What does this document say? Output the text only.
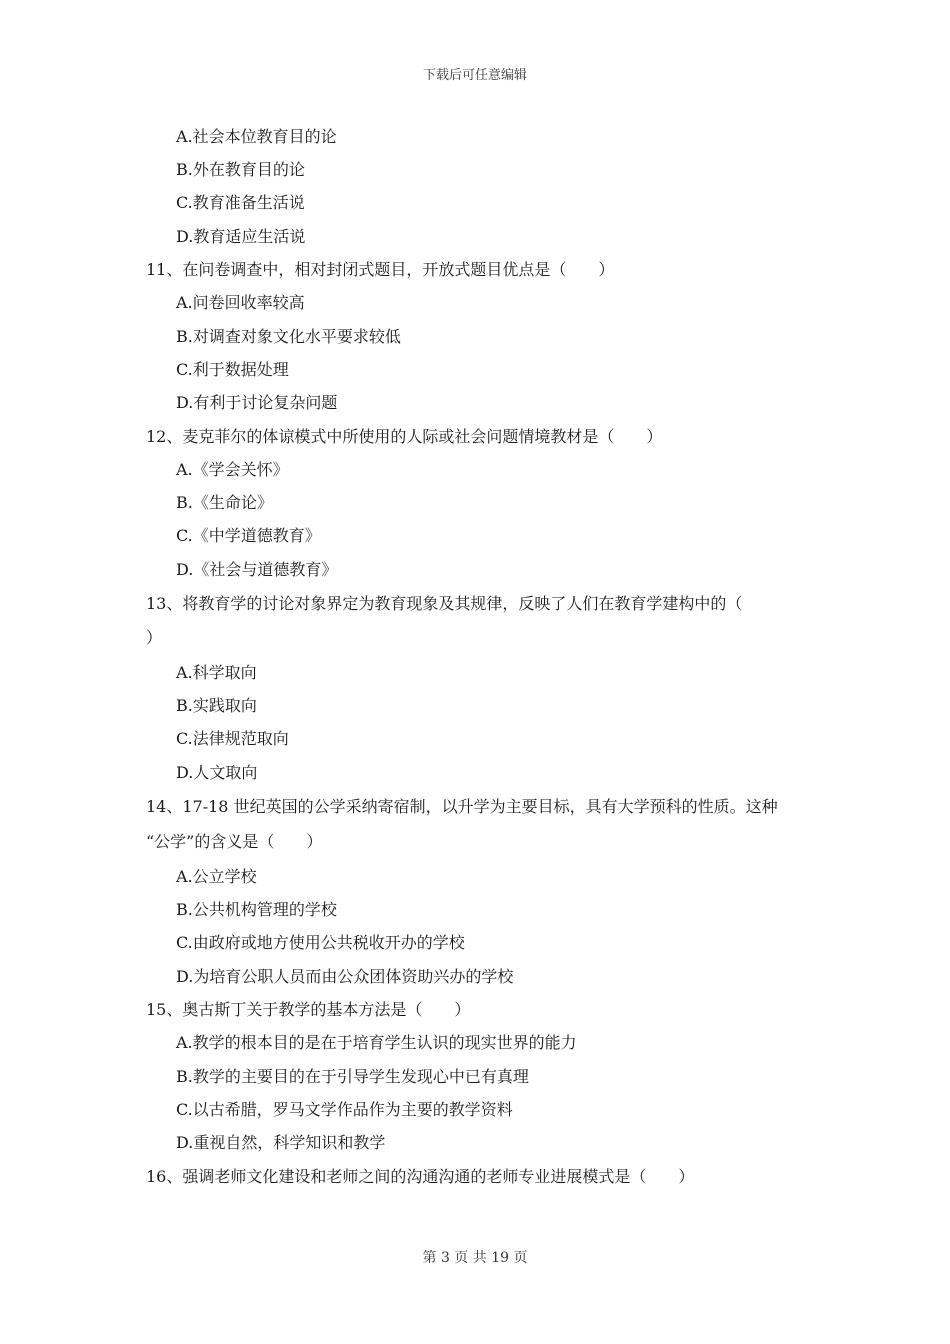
下载后可任意编辑
A.社会本位教育目的论
B.外在教育目的论
C.教育准备生活说
D.教育适应生活说
11、在问卷调查中，相对封闭式题目，开放式题目优点是（　　）
A.问卷回收率较高
B.对调查对象文化水平要求较低
C.利于数据处理
D.有利于讨论复杂问题
12、麦克菲尔的体谅模式中所使用的人际或社会问题情境教材是（　　）
A.《学会关怀》
B.《生命论》
C.《中学道德教育》
D.《社会与道德教育》
13、将教育学的讨论对象界定为教育现象及其规律，反映了人们在教育学建构中的（
）
A.科学取向
B.实践取向
C.法律规范取向
D.人文取向
14、17-18 世纪英国的公学采纳寄宿制，以升学为主要目标，具有大学预科的性质。这种
“公学”的含义是（　　）
A.公立学校
B.公共机构管理的学校
C.由政府或地方使用公共税收开办的学校
D.为培育公职人员而由公众团体资助兴办的学校
15、奥古斯丁关于教学的基本方法是（　　）
A.教学的根本目的是在于培育学生认识的现实世界的能力
B.教学的主要目的在于引导学生发现心中已有真理
C.以古希腊，罗马文学作品作为主要的教学资料
D.重视自然，科学知识和教学
16、强调老师文化建设和老师之间的沟通沟通的老师专业进展模式是（　　）
第 3 页 共 19 页
